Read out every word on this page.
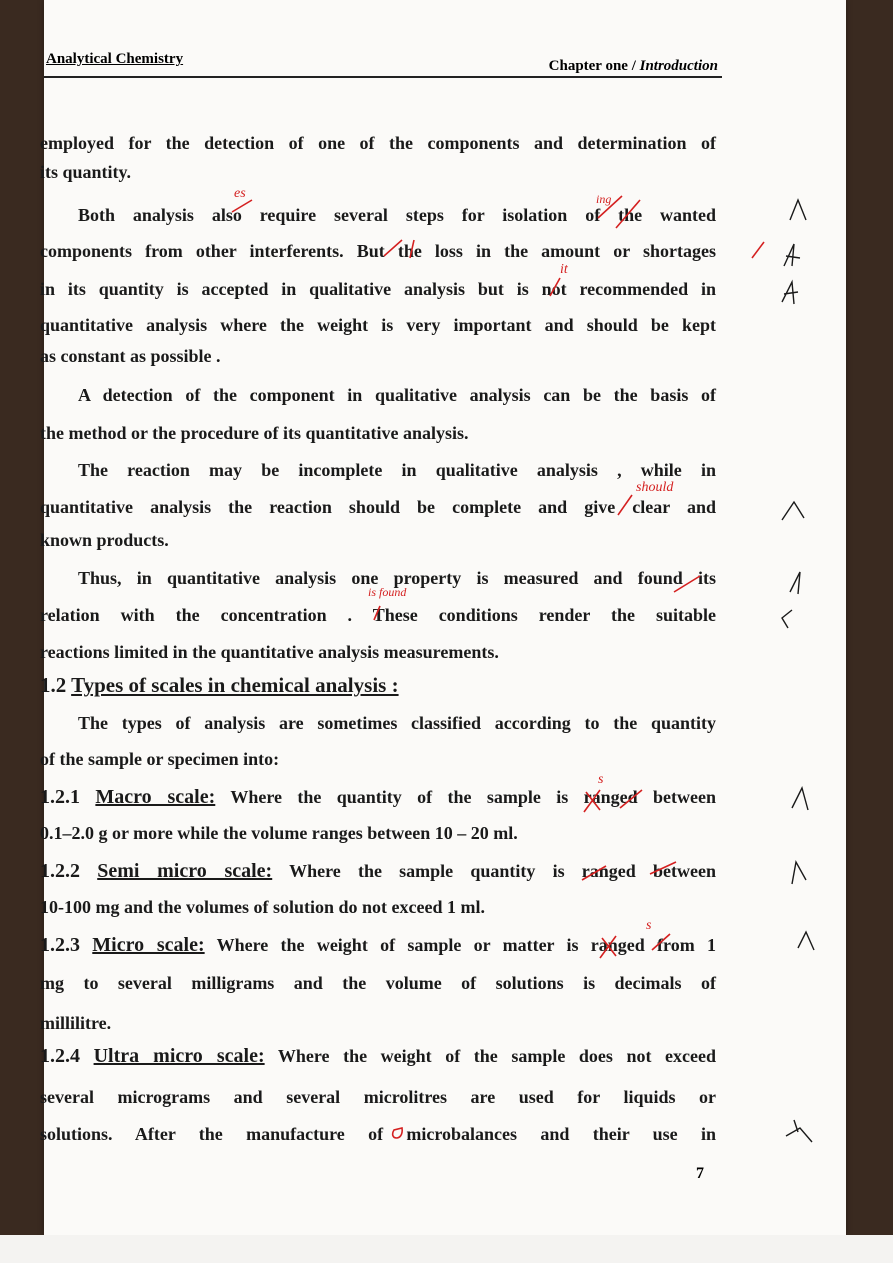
Analytical Chemistry	Chapter one / Introduction
employed for the detection of one of the components and determination of
its quantity.
Both analysis also require several steps for isolation of the wanted
components from other interferents. But the loss in the amount or shortages
in its quantity is accepted in qualitative analysis but is not recommended in
quantitative analysis where the weight is very important and should be kept
as constant as possible .
A detection of the component in qualitative analysis can be the basis of
the method or the procedure of its quantitative analysis.
The reaction may be incomplete in qualitative analysis , while in
quantitative analysis the reaction should be complete and give clear and
known products.
Thus, in quantitative analysis one property is measured and found its
relation with the concentration . These conditions render the suitable
reactions limited in the quantitative analysis measurements.
1.2 Types of scales in chemical analysis :
The types of analysis are sometimes classified according to the quantity
of the sample or specimen into:
1.2.1 Macro scale: Where the quantity of the sample is ranged between
0.1–2.0 g or more while the volume ranges between 10 – 20 ml.
1.2.2 Semi micro scale: Where the sample quantity is ranged between
10-100 mg and the volumes of solution do not exceed 1 ml.
1.2.3 Micro scale: Where the weight of sample or matter is ranged from 1
mg to several milligrams and the volume of solutions is decimals of
millilitre.
1.2.4 Ultra micro scale: Where the weight of the sample does not exceed
several micrograms and several microlitres are used for liquids or
solutions. After the manufacture of microbalances and their use in
7
es	ing
it
should
is found
s
s
